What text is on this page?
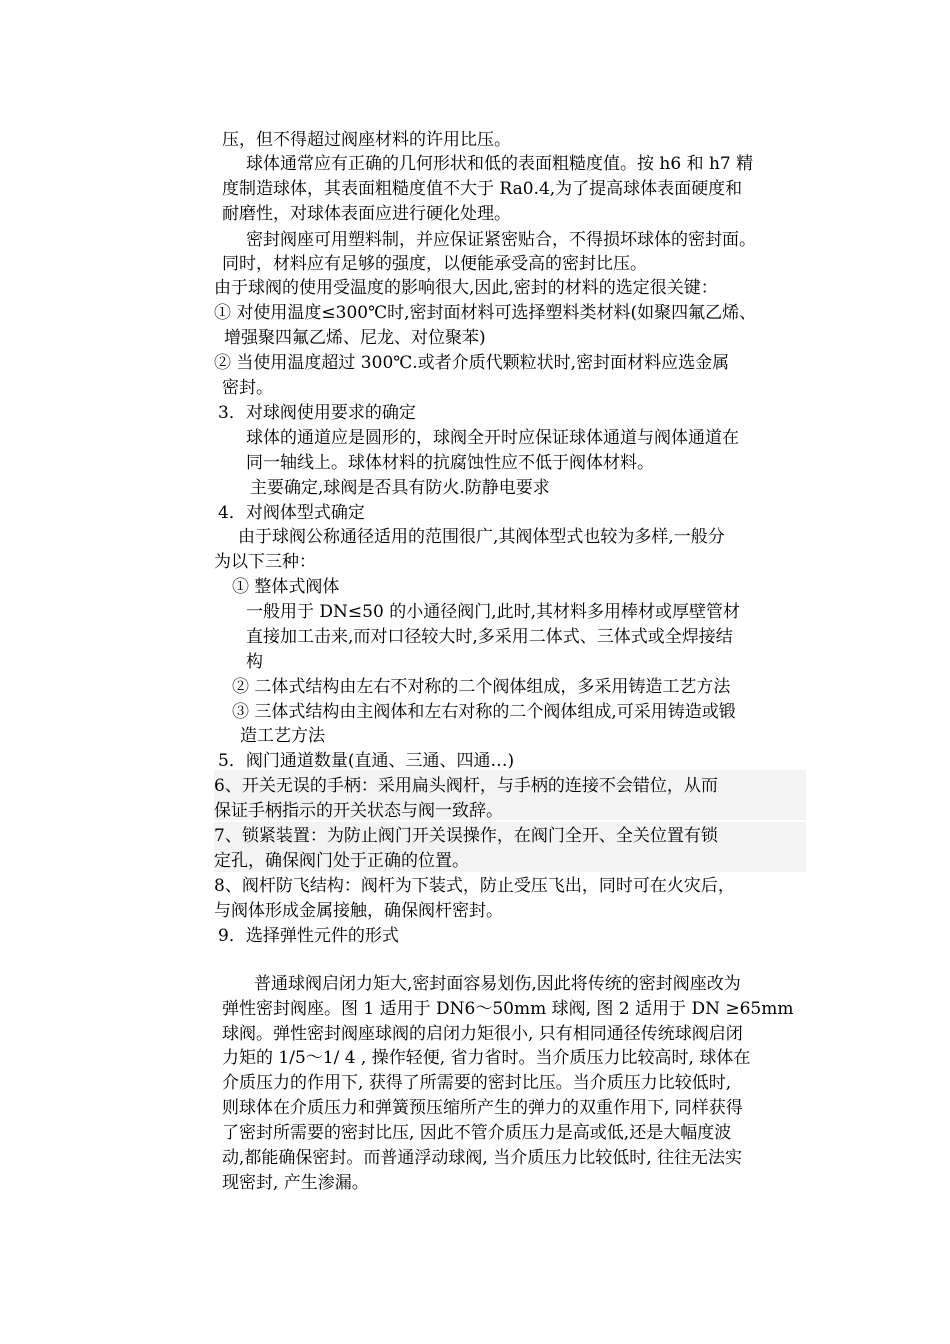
压，但不得超过阀座材料的许用比压。
球体通常应有正确的几何形状和低的表面粗糙度值。按 h6 和 h7 精
度制造球体，其表面粗糙度值不大于 Ra0.4,为了提高球体表面硬度和
耐磨性，对球体表面应进行硬化处理。
密封阀座可用塑料制，并应保证紧密贴合，不得损坏球体的密封面。
同时，材料应有足够的强度，以便能承受高的密封比压。
由于球阀的使用受温度的影响很大,因此,密封的材料的选定很关键：
① 对使用温度≤300℃时,密封面材料可选择塑料类材料(如聚四氟乙烯、
增强聚四氟乙烯、尼龙、对位聚苯)
② 当使用温度超过 300℃.或者介质代颗粒状时,密封面材料应选金属
密封。
3．对球阀使用要求的确定
球体的通道应是圆形的，球阀全开时应保证球体通道与阀体通道在
同一轴线上。球体材料的抗腐蚀性应不低于阀体材料。
主要确定,球阀是否具有防火.防静电要求
4．对阀体型式确定
由于球阀公称通径适用的范围很广,其阀体型式也较为多样,一般分
为以下三种：
① 整体式阀体
一般用于 DN≤50 的小通径阀门,此时,其材料多用棒材或厚壁管材
直接加工击来,而对口径较大时,多采用二体式、三体式或全焊接结
构
② 二体式结构由左右不对称的二个阀体组成，多采用铸造工艺方法
③ 三体式结构由主阀体和左右对称的二个阀体组成,可采用铸造或锻
造工艺方法
5．阀门通道数量(直通、三通、四通…)
6、开关无误的手柄：采用扁头阀杆，与手柄的连接不会错位，从而
保证手柄指示的开关状态与阀一致辞。
7、锁紧装置：为防止阀门开关误操作，在阀门全开、全关位置有锁
定孔，确保阀门处于正确的位置。
8、阀杆防飞结构：阀杆为下装式，防止受压飞出，同时可在火灾后，
与阀体形成金属接触，确保阀杆密封。
9．选择弹性元件的形式
普通球阀启闭力矩大,密封面容易划伤,因此将传统的密封阀座改为
弹性密封阀座。图 1 适用于 DN6～50mm 球阀, 图 2 适用于 DN ≥65mm
球阀。弹性密封阀座球阀的启闭力矩很小, 只有相同通径传统球阀启闭
力矩的 1/5～1/ 4 , 操作轻便, 省力省时。当介质压力比较高时, 球体在
介质压力的作用下, 获得了所需要的密封比压。当介质压力比较低时,
则球体在介质压力和弹簧预压缩所产生的弹力的双重作用下, 同样获得
了密封所需要的密封比压, 因此不管介质压力是高或低,还是大幅度波
动,都能确保密封。而普通浮动球阀, 当介质压力比较低时, 往往无法实
现密封, 产生渗漏。
